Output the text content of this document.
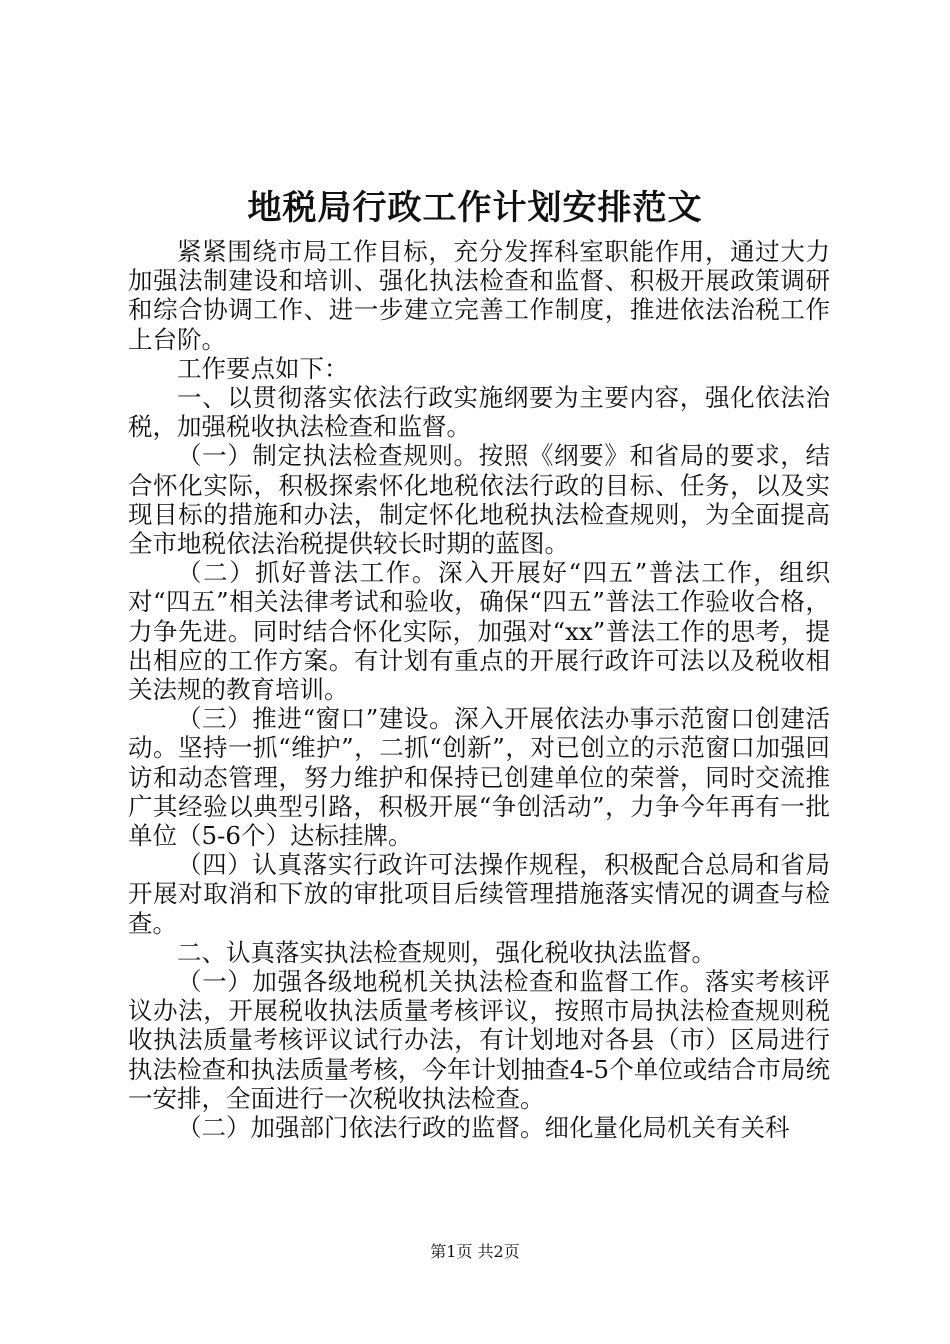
地税局行政工作计划安排范文

紧紧围绕市局工作目标，充分发挥科室职能作用，通过大力加强法制建设和培训、强化执法检查和监督、积极开展政策调研和综合协调工作、进一步建立完善工作制度，推进依法治税工作上台阶。

工作要点如下：

一、以贯彻落实依法行政实施纲要为主要内容，强化依法治税，加强税收执法检查和监督。

（一）制定执法检查规则。按照《纲要》和省局的要求，结合怀化实际，积极探索怀化地税依法行政的目标、任务，以及实现目标的措施和办法，制定怀化地税执法检查规则，为全面提高全市地税依法治税提供较长时期的蓝图。

（二）抓好普法工作。深入开展好“四五”普法工作，组织对“四五”相关法律考试和验收，确保“四五”普法工作验收合格，力争先进。同时结合怀化实际，加强对“xx”普法工作的思考，提出相应的工作方案。有计划有重点的开展行政许可法以及税收相关法规的教育培训。

（三）推进“窗口”建设。深入开展依法办事示范窗口创建活动。坚持一抓“维护”，二抓“创新”，对已创立的示范窗口加强回访和动态管理，努力维护和保持已创建单位的荣誉，同时交流推广其经验以典型引路，积极开展“争创活动”，力争今年再有一批单位（5-6个）达标挂牌。

（四）认真落实行政许可法操作规程，积极配合总局和省局开展对取消和下放的审批项目后续管理措施落实情况的调查与检查。

二、认真落实执法检查规则，强化税收执法监督。

（一）加强各级地税机关执法检查和监督工作。落实考核评议办法，开展税收执法质量考核评议，按照市局执法检查规则税收执法质量考核评议试行办法，有计划地对各县（市）区局进行执法检查和执法质量考核，今年计划抽查4-5个单位或结合市局统一安排，全面进行一次税收执法检查。

（二）加强部门依法行政的监督。细化量化局机关有关科

第1页 共2页
